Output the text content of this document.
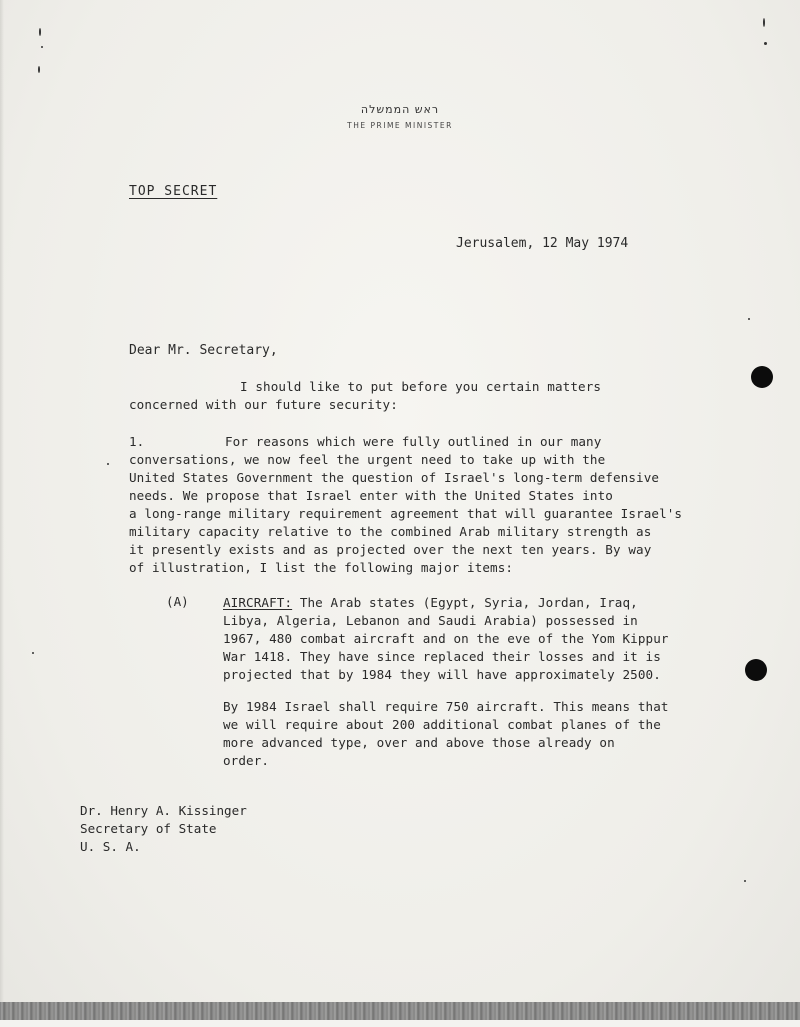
ראש הממשלה
THE PRIME MINISTER
TOP SECRET
Jerusalem, 12 May 1974
Dear Mr. Secretary,
I should like to put before you certain matters
concerned with our future security:
1.	For reasons which were fully outlined in our many
conversations, we now feel the urgent need to take up with the
United States Government the question of Israel's long-term defensive
needs. We propose that Israel enter with the United States into
a long-range military requirement agreement that will guarantee Israel's
military capacity relative to the combined Arab military strength as
it presently exists and as projected over the next ten years. By way
of illustration, I list the following major items:
(A)	AIRCRAFT: The Arab states (Egypt, Syria, Jordan, Iraq,
Libya, Algeria, Lebanon and Saudi Arabia) possessed in
1967, 480 combat aircraft and on the eve of the Yom Kippur
War 1418. They have since replaced their losses and it is
projected that by 1984 they will have approximately 2500.
By 1984 Israel shall require 750 aircraft. This means that
we will require about 200 additional combat planes of the
more advanced type, over and above those already on
order.
Dr. Henry A. Kissinger
Secretary of State
U. S. A.
